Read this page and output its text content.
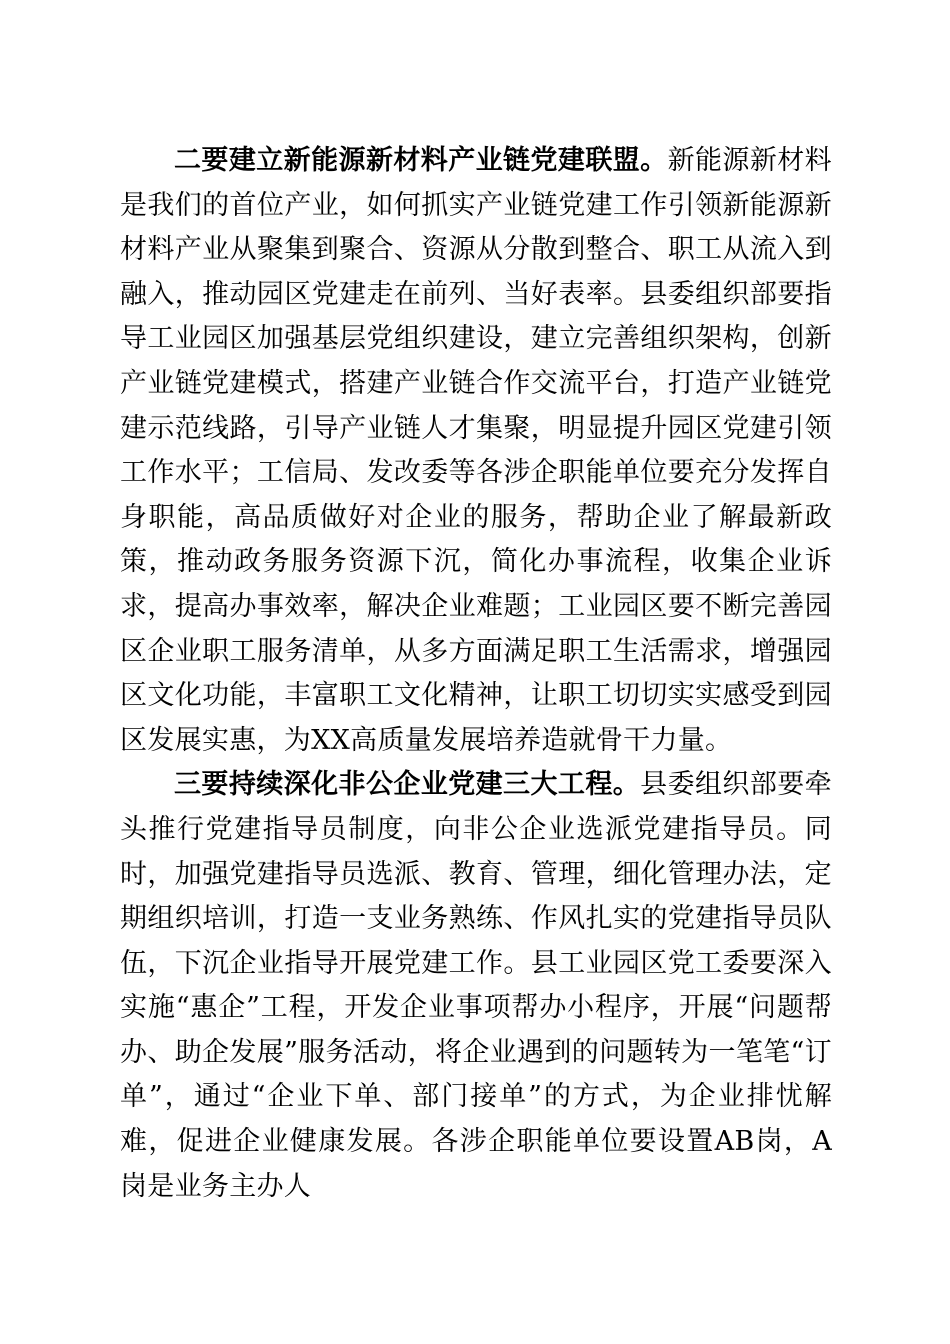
二要建立新能源新材料产业链党建联盟。新能源新材料是我们的首位产业，如何抓实产业链党建工作引领新能源新材料产业从聚集到聚合、资源从分散到整合、职工从流入到融入，推动园区党建走在前列、当好表率。县委组织部要指导工业园区加强基层党组织建设，建立完善组织架构，创新产业链党建模式，搭建产业链合作交流平台，打造产业链党建示范线路，引导产业链人才集聚，明显提升园区党建引领工作水平；工信局、发改委等各涉企职能单位要充分发挥自身职能，高品质做好对企业的服务，帮助企业了解最新政策，推动政务服务资源下沉，简化办事流程，收集企业诉求，提高办事效率，解决企业难题；工业园区要不断完善园区企业职工服务清单，从多方面满足职工生活需求，增强园区文化功能，丰富职工文化精神，让职工切切实实感受到园区发展实惠，为XX高质量发展培养造就骨干力量。

三要持续深化非公企业党建三大工程。县委组织部要牵头推行党建指导员制度，向非公企业选派党建指导员。同时，加强党建指导员选派、教育、管理，细化管理办法，定期组织培训，打造一支业务熟练、作风扎实的党建指导员队伍，下沉企业指导开展党建工作。县工业园区党工委要深入实施“惠企”工程，开发企业事项帮办小程序，开展“问题帮办、助企发展”服务活动，将企业遇到的问题转为一笔笔“订单”，通过“企业下单、部门接单”的方式，为企业排忧解难，促进企业健康发展。各涉企职能单位要设置AB岗，A岗是业务主办人
